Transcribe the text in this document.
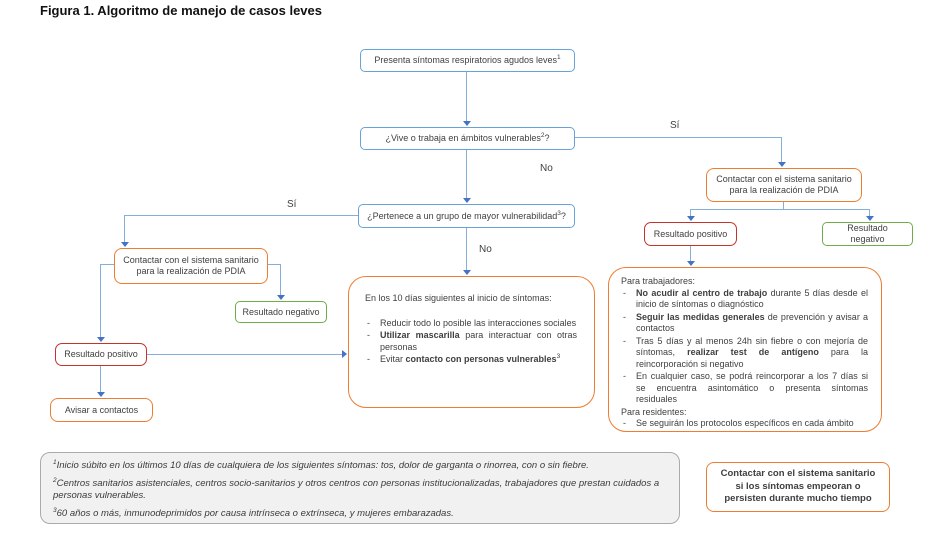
Figura 1. Algoritmo de manejo de casos leves
Sí
No
Sí
No
Presenta síntomas respiratorios agudos leves$^1$
¿Vive o trabaja en ámbitos vulnerables$^2$?
¿Pertenece a un grupo de mayor vulnerabilidad$^3$?
Contactar con el sistema sanitario para la realización de PDIA
Resultado negativo
Resultado positivo
Avisar a contactos
Contactar con el sistema sanitario para la realización de PDIA
Resultado positivo
Resultado negativo

En los 10 días siguientes al inicio de síntomas:

-	Reducir todo lo posible las interacciones sociales
-	Utilizar mascarilla para interactuar con otras personas
-	Evitar contacto con personas vulnerables$^3$

Para trabajadores:

-	No acudir al centro de trabajo durante 5 días desde el inicio de síntomas o diagnóstico
-	Seguir las medidas generales de prevención y avisar a contactos
-	Tras 5 días y al menos 24h sin fiebre o con mejoría de síntomas, realizar test de antígeno para la reincorporación si negativo
-	En cualquier caso, se podrá reincorporar a los 7 días si se encuentra asintomático o presenta síntomas residuales

Para residentes:

-	Se seguirán los protocolos específicos en cada ámbito

$^1$Inicio súbito en los últimos 10 días de cualquiera de los siguientes síntomas: tos, dolor de garganta o rinorrea, con o sin fiebre.

$^2$Centros sanitarios asistenciales, centros socio-sanitarios y otros centros con personas institucionalizadas, trabajadores que prestan cuidados a personas vulnerables.

$^3$60 años o más, inmunodeprimidos por causa intrínseca o extrínseca, y mujeres embarazadas.

Contactar con el sistema sanitario si los síntomas empeoran o persisten durante mucho tiempo
